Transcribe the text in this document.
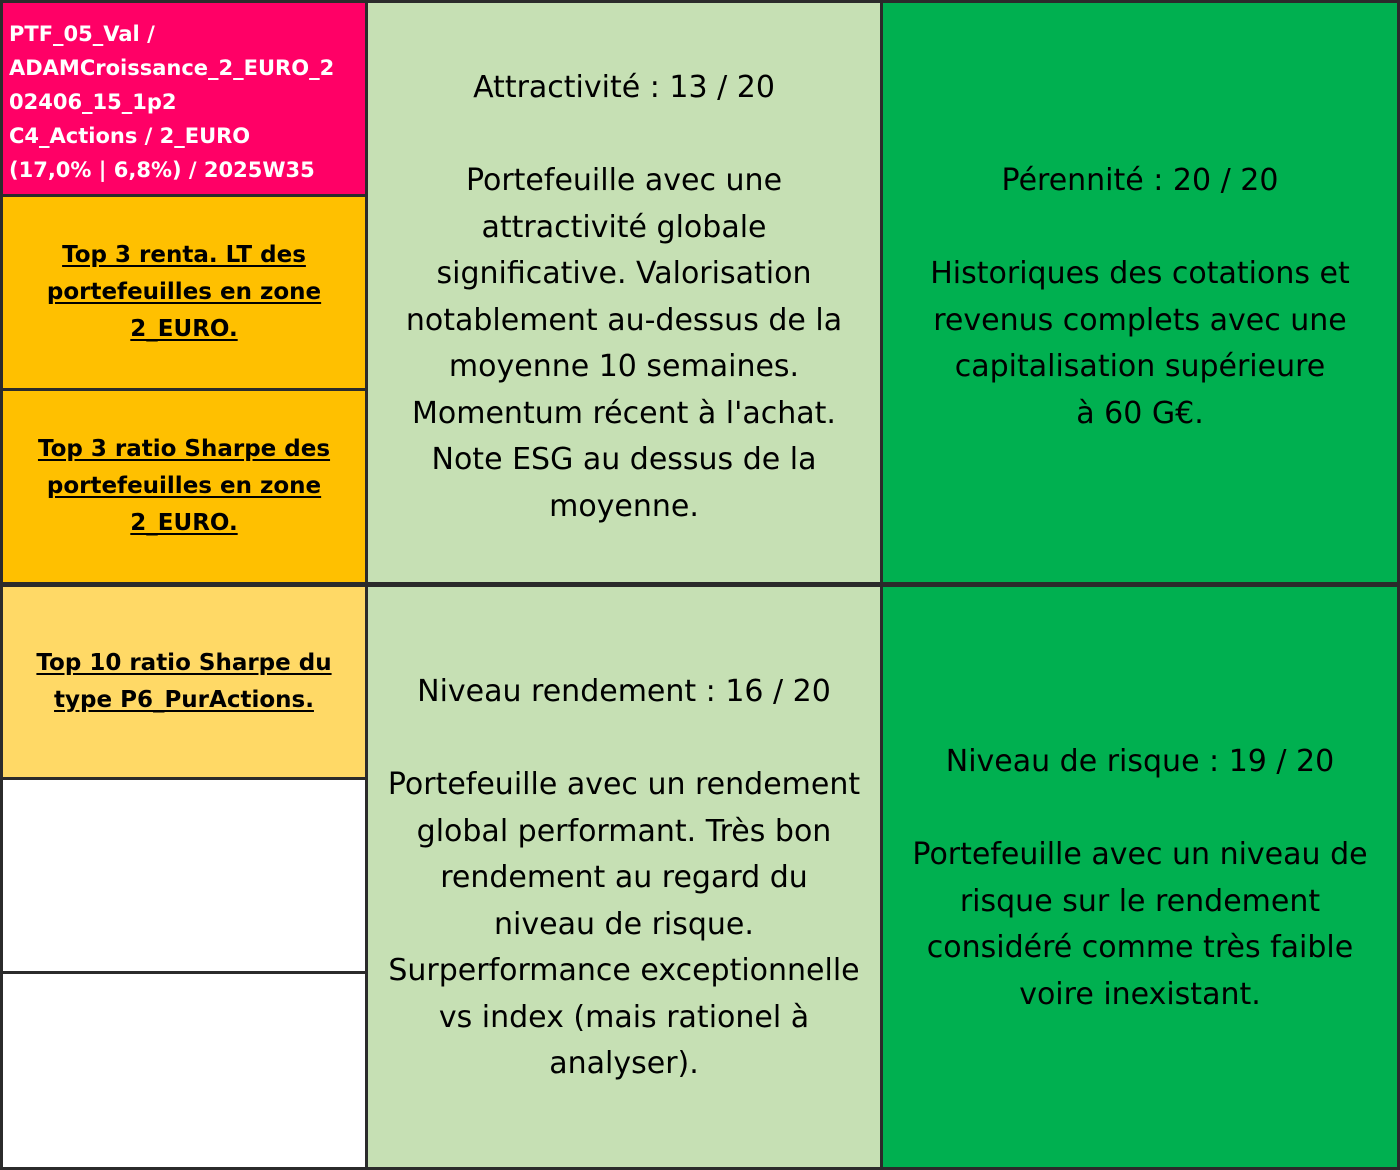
PTF_05_Val /
ADAMCroissance_2_EURO_2
02406_15_1p2
C4_Actions / 2_EURO
(17,0% | 6,8%) / 2025W35
Top 3 renta. LT des
portefeuilles en zone
2_EURO.
Top 3 ratio Sharpe des
portefeuilles en zone
2_EURO.
Top 10 ratio Sharpe du
type P6_PurActions.
Attractivité : 13 / 20
Portefeuille avec une
attractivité globale
significative. Valorisation
notablement au-dessus de la
moyenne 10 semaines.
Momentum récent à l'achat.
Note ESG au dessus de la
moyenne.
Pérennité : 20 / 20
Historiques des cotations et
revenus complets avec une
capitalisation supérieure
à 60 G€.
Niveau rendement : 16 / 20
Portefeuille avec un rendement
global performant. Très bon
rendement au regard du
niveau de risque.
Surperformance exceptionnelle
vs index (mais rationel à
analyser).
Niveau de risque : 19 / 20
Portefeuille avec un niveau de
risque sur le rendement
considéré comme très faible
voire inexistant.
